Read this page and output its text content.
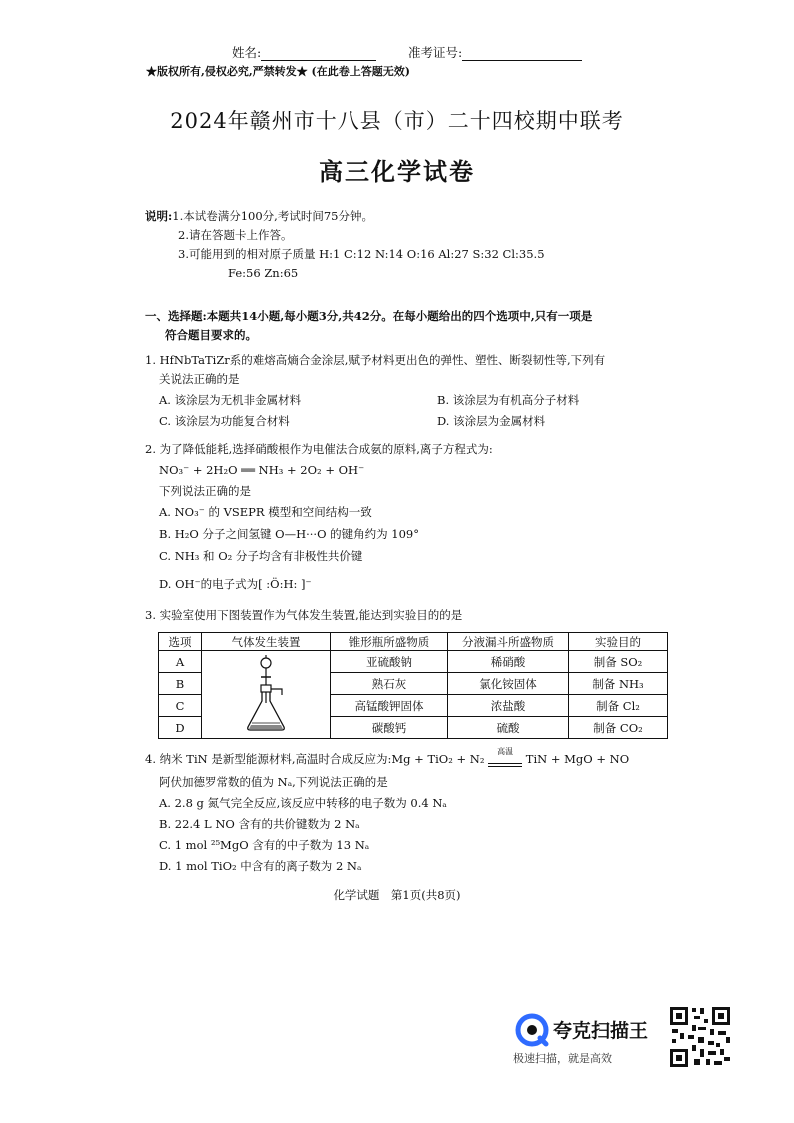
姓名:	准考证号:
★版权所有,侵权必究,严禁转发★ (在此卷上答题无效)
2024年赣州市十八县（市）二十四校期中联考
高三化学试卷
说明:1.本试卷满分100分,考试时间75分钟。
2.请在答题卡上作答。
3.可能用到的相对原子质量 H:1 C:12 N:14 O:16 Al:27 S:32 Cl:35.5
Fe:56 Zn:65
一、选择题:本题共14小题,每小题3分,共42分。在每小题给出的四个选项中,只有一项是
符合题目要求的。
1. HfNbTaTiZr系的难熔高熵合金涂层,赋予材料更出色的弹性、塑性、断裂韧性等,下列有
关说法正确的是
A. 该涂层为无机非金属材料	B. 该涂层为有机高分子材料
C. 该涂层为功能复合材料	D. 该涂层为金属材料
2. 为了降低能耗,选择硝酸根作为电催法合成氨的原料,离子方程式为:
NO₃⁻ + 2H₂O ══ NH₃ + 2O₂ + OH⁻
下列说法正确的是
A. NO₃⁻ 的 VSEPR 模型和空间结构一致
B. H₂O 分子之间氢键 O—H···O 的键角约为 109°
C. NH₃ 和 O₂ 分子均含有非极性共价键
D. OH⁻的电子式为[ :Ö:H: ]⁻
3. 实验室使用下图装置作为气体发生装置,能达到实验目的的是
选项	气体发生装置	锥形瓶所盛物质	分液漏斗所盛物质	实验目的
A		亚硫酸钠	稀硝酸	制备 SO₂
B		熟石灰	氯化铵固体	制备 NH₃
C		高锰酸钾固体	浓盐酸	制备 Cl₂
D		碳酸钙	硫酸	制备 CO₂
4. 纳米 TiN 是新型能源材料,高温时合成反应为:Mg + TiO₂ + N₂
高温
TiN + MgO + NO
阿伏加德罗常数的值为 Nₐ,下列说法正确的是
A. 2.8 g 氮气完全反应,该反应中转移的电子数为 0.4 Nₐ
B. 22.4 L NO 含有的共价键数为 2 Nₐ
C. 1 mol ²⁵MgO 含有的中子数为 13 Nₐ
D. 1 mol TiO₂ 中含有的离子数为 2 Nₐ
化学试题　第1页(共8页)
夸克扫描王
极速扫描，就是高效
